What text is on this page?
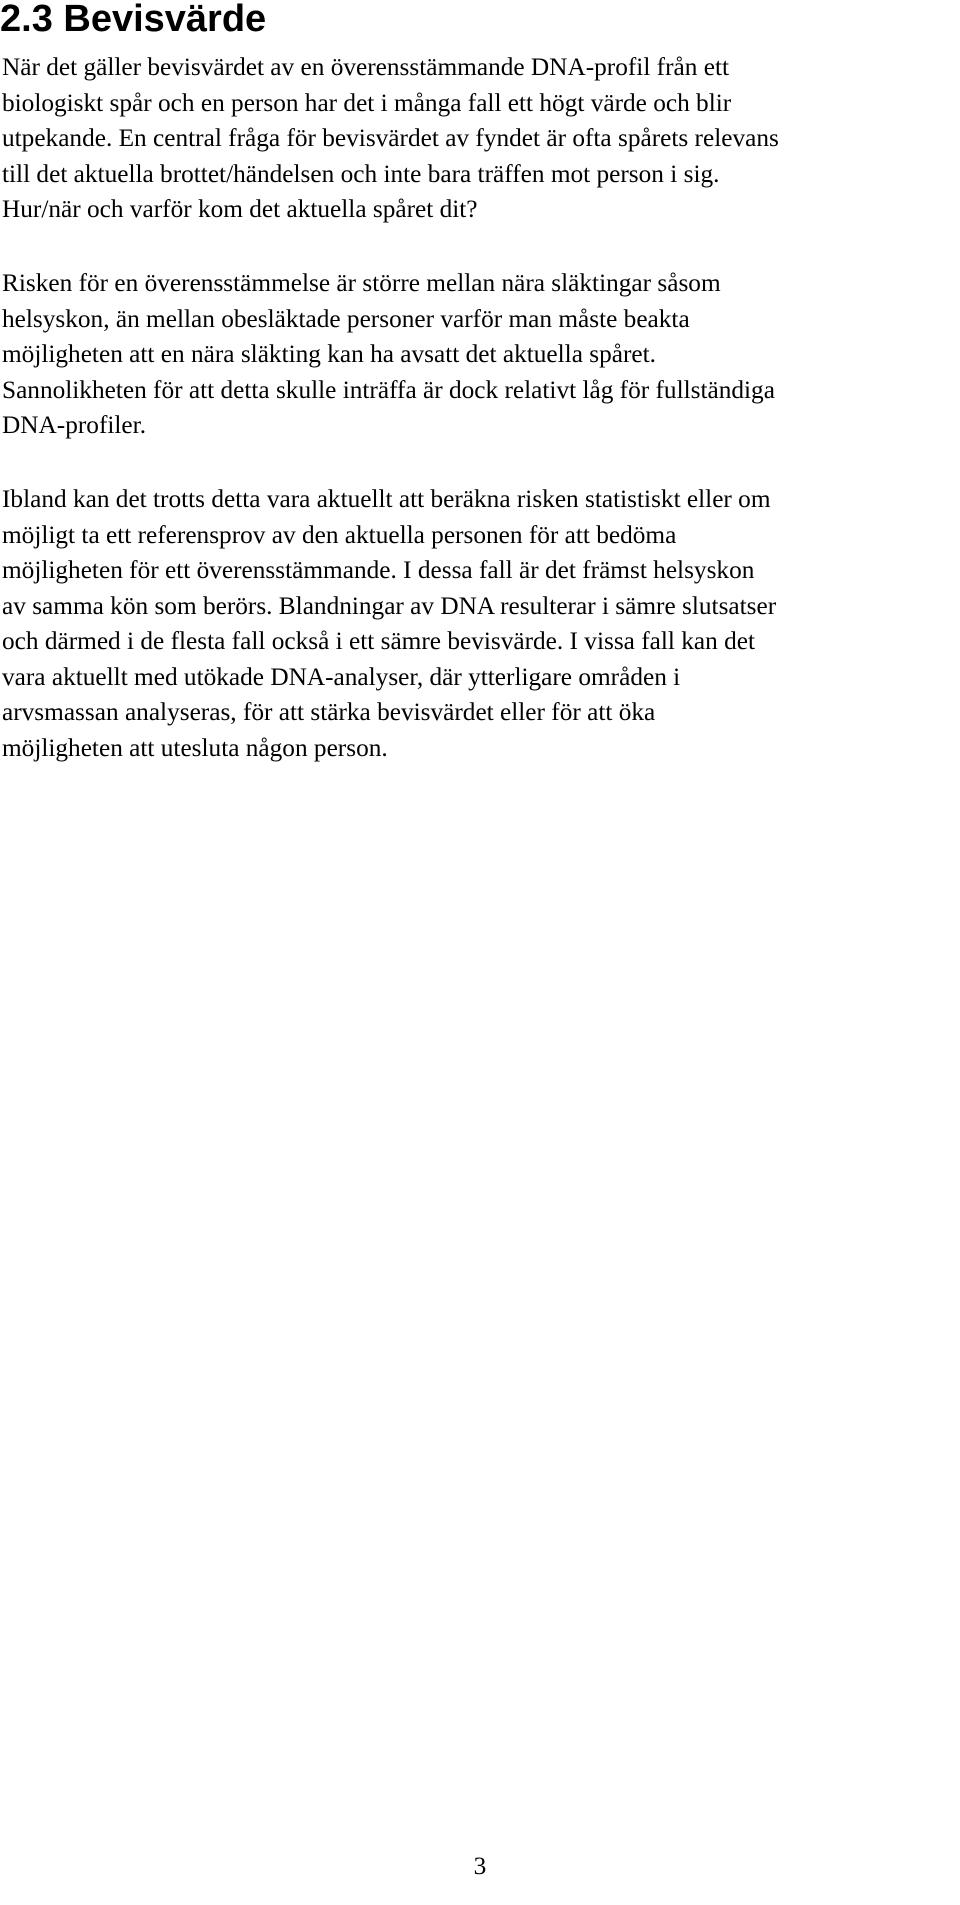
2.3 Bevisvärde

När det gäller bevisvärdet av en överensstämmande DNA-profil från ett
biologiskt spår och en person har det i många fall ett högt värde och blir
utpekande. En central fråga för bevisvärdet av fyndet är ofta spårets relevans
till det aktuella brottet/händelsen och inte bara träffen mot person i sig.
Hur/när och varför kom det aktuella spåret dit?

Risken för en överensstämmelse är större mellan nära släktingar såsom
helsyskon, än mellan obesläktade personer varför man måste beakta
möjligheten att en nära släkting kan ha avsatt det aktuella spåret.
Sannolikheten för att detta skulle inträffa är dock relativt låg för fullständiga
DNA-profiler.

Ibland kan det trotts detta vara aktuellt att beräkna risken statistiskt eller om
möjligt ta ett referensprov av den aktuella personen för att bedöma
möjligheten för ett överensstämmande. I dessa fall är det främst helsyskon
av samma kön som berörs. Blandningar av DNA resulterar i sämre slutsatser
och därmed i de flesta fall också i ett sämre bevisvärde. I vissa fall kan det
vara aktuellt med utökade DNA-analyser, där ytterligare områden i
arvsmassan analyseras, för att stärka bevisvärdet eller för att öka
möjligheten att utesluta någon person.

3
